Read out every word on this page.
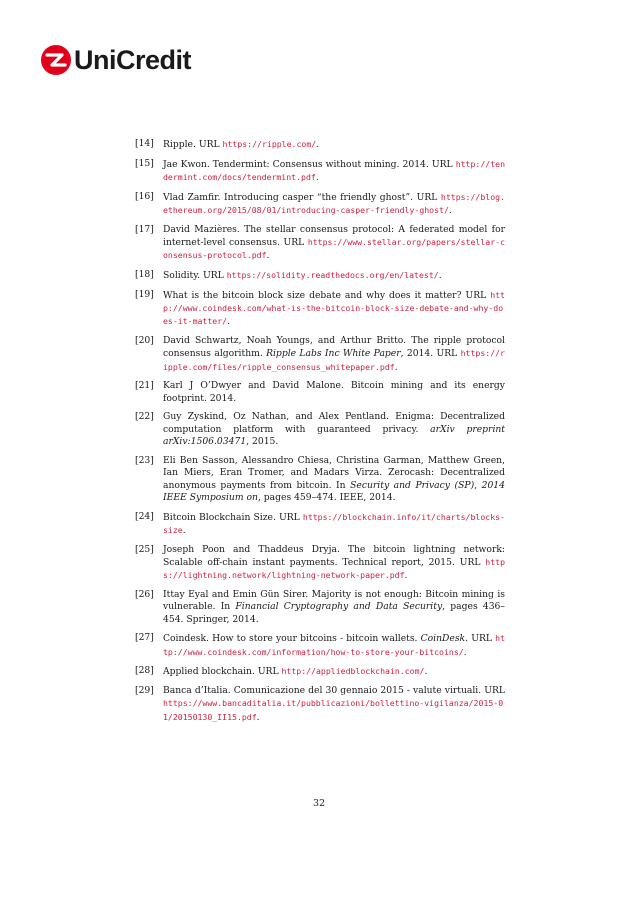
UniCredit
[14] Ripple. URL https://ripple.com/.
[15] Jae Kwon. Tendermint: Consensus without mining. 2014. URL http://tendermint.com/docs/tendermint.pdf.
[16] Vlad Zamfir. Introducing casper “the friendly ghost”. URL https://blog.ethereum.org/2015/08/01/introducing-casper-friendly-ghost/.
[17] David Mazières. The stellar consensus protocol: A federated model for internet-level consensus. URL https://www.stellar.org/papers/stellar-consensus-protocol.pdf.
[18] Solidity. URL https://solidity.readthedocs.org/en/latest/.
[19] What is the bitcoin block size debate and why does it matter? URL http://www.coindesk.com/what-is-the-bitcoin-block-size-debate-and-why-does-it-matter/.
[20] David Schwartz, Noah Youngs, and Arthur Britto. The ripple protocol consensus algorithm. Ripple Labs Inc White Paper, 2014. URL https://ripple.com/files/ripple_consensus_whitepaper.pdf.
[21] Karl J O’Dwyer and David Malone. Bitcoin mining and its energy footprint. 2014.
[22] Guy Zyskind, Oz Nathan, and Alex Pentland. Enigma: Decentralized computation platform with guaranteed privacy. arXiv preprint arXiv:1506.03471, 2015.
[23] Eli Ben Sasson, Alessandro Chiesa, Christina Garman, Matthew Green, Ian Miers, Eran Tromer, and Madars Virza. Zerocash: Decentralized anonymous payments from bitcoin. In Security and Privacy (SP), 2014 IEEE Symposium on, pages 459–474. IEEE, 2014.
[24] Bitcoin Blockchain Size. URL https://blockchain.info/it/charts/blocks-size.
[25] Joseph Poon and Thaddeus Dryja. The bitcoin lightning network: Scalable off-chain instant payments. Technical report, 2015. URL https://lightning.network/lightning-network-paper.pdf.
[26] Ittay Eyal and Emin Gün Sirer. Majority is not enough: Bitcoin mining is vulnerable. In Financial Cryptography and Data Security, pages 436–454. Springer, 2014.
[27] Coindesk. How to store your bitcoins - bitcoin wallets. CoinDesk. URL http://www.coindesk.com/information/how-to-store-your-bitcoins/.
[28] Applied blockchain. URL http://appliedblockchain.com/.
[29] Banca d’Italia. Comunicazione del 30 gennaio 2015 - valute virtuali. URL https://www.bancaditalia.it/pubblicazioni/bollettino-vigilanza/2015-01/20150130_II15.pdf.
32
